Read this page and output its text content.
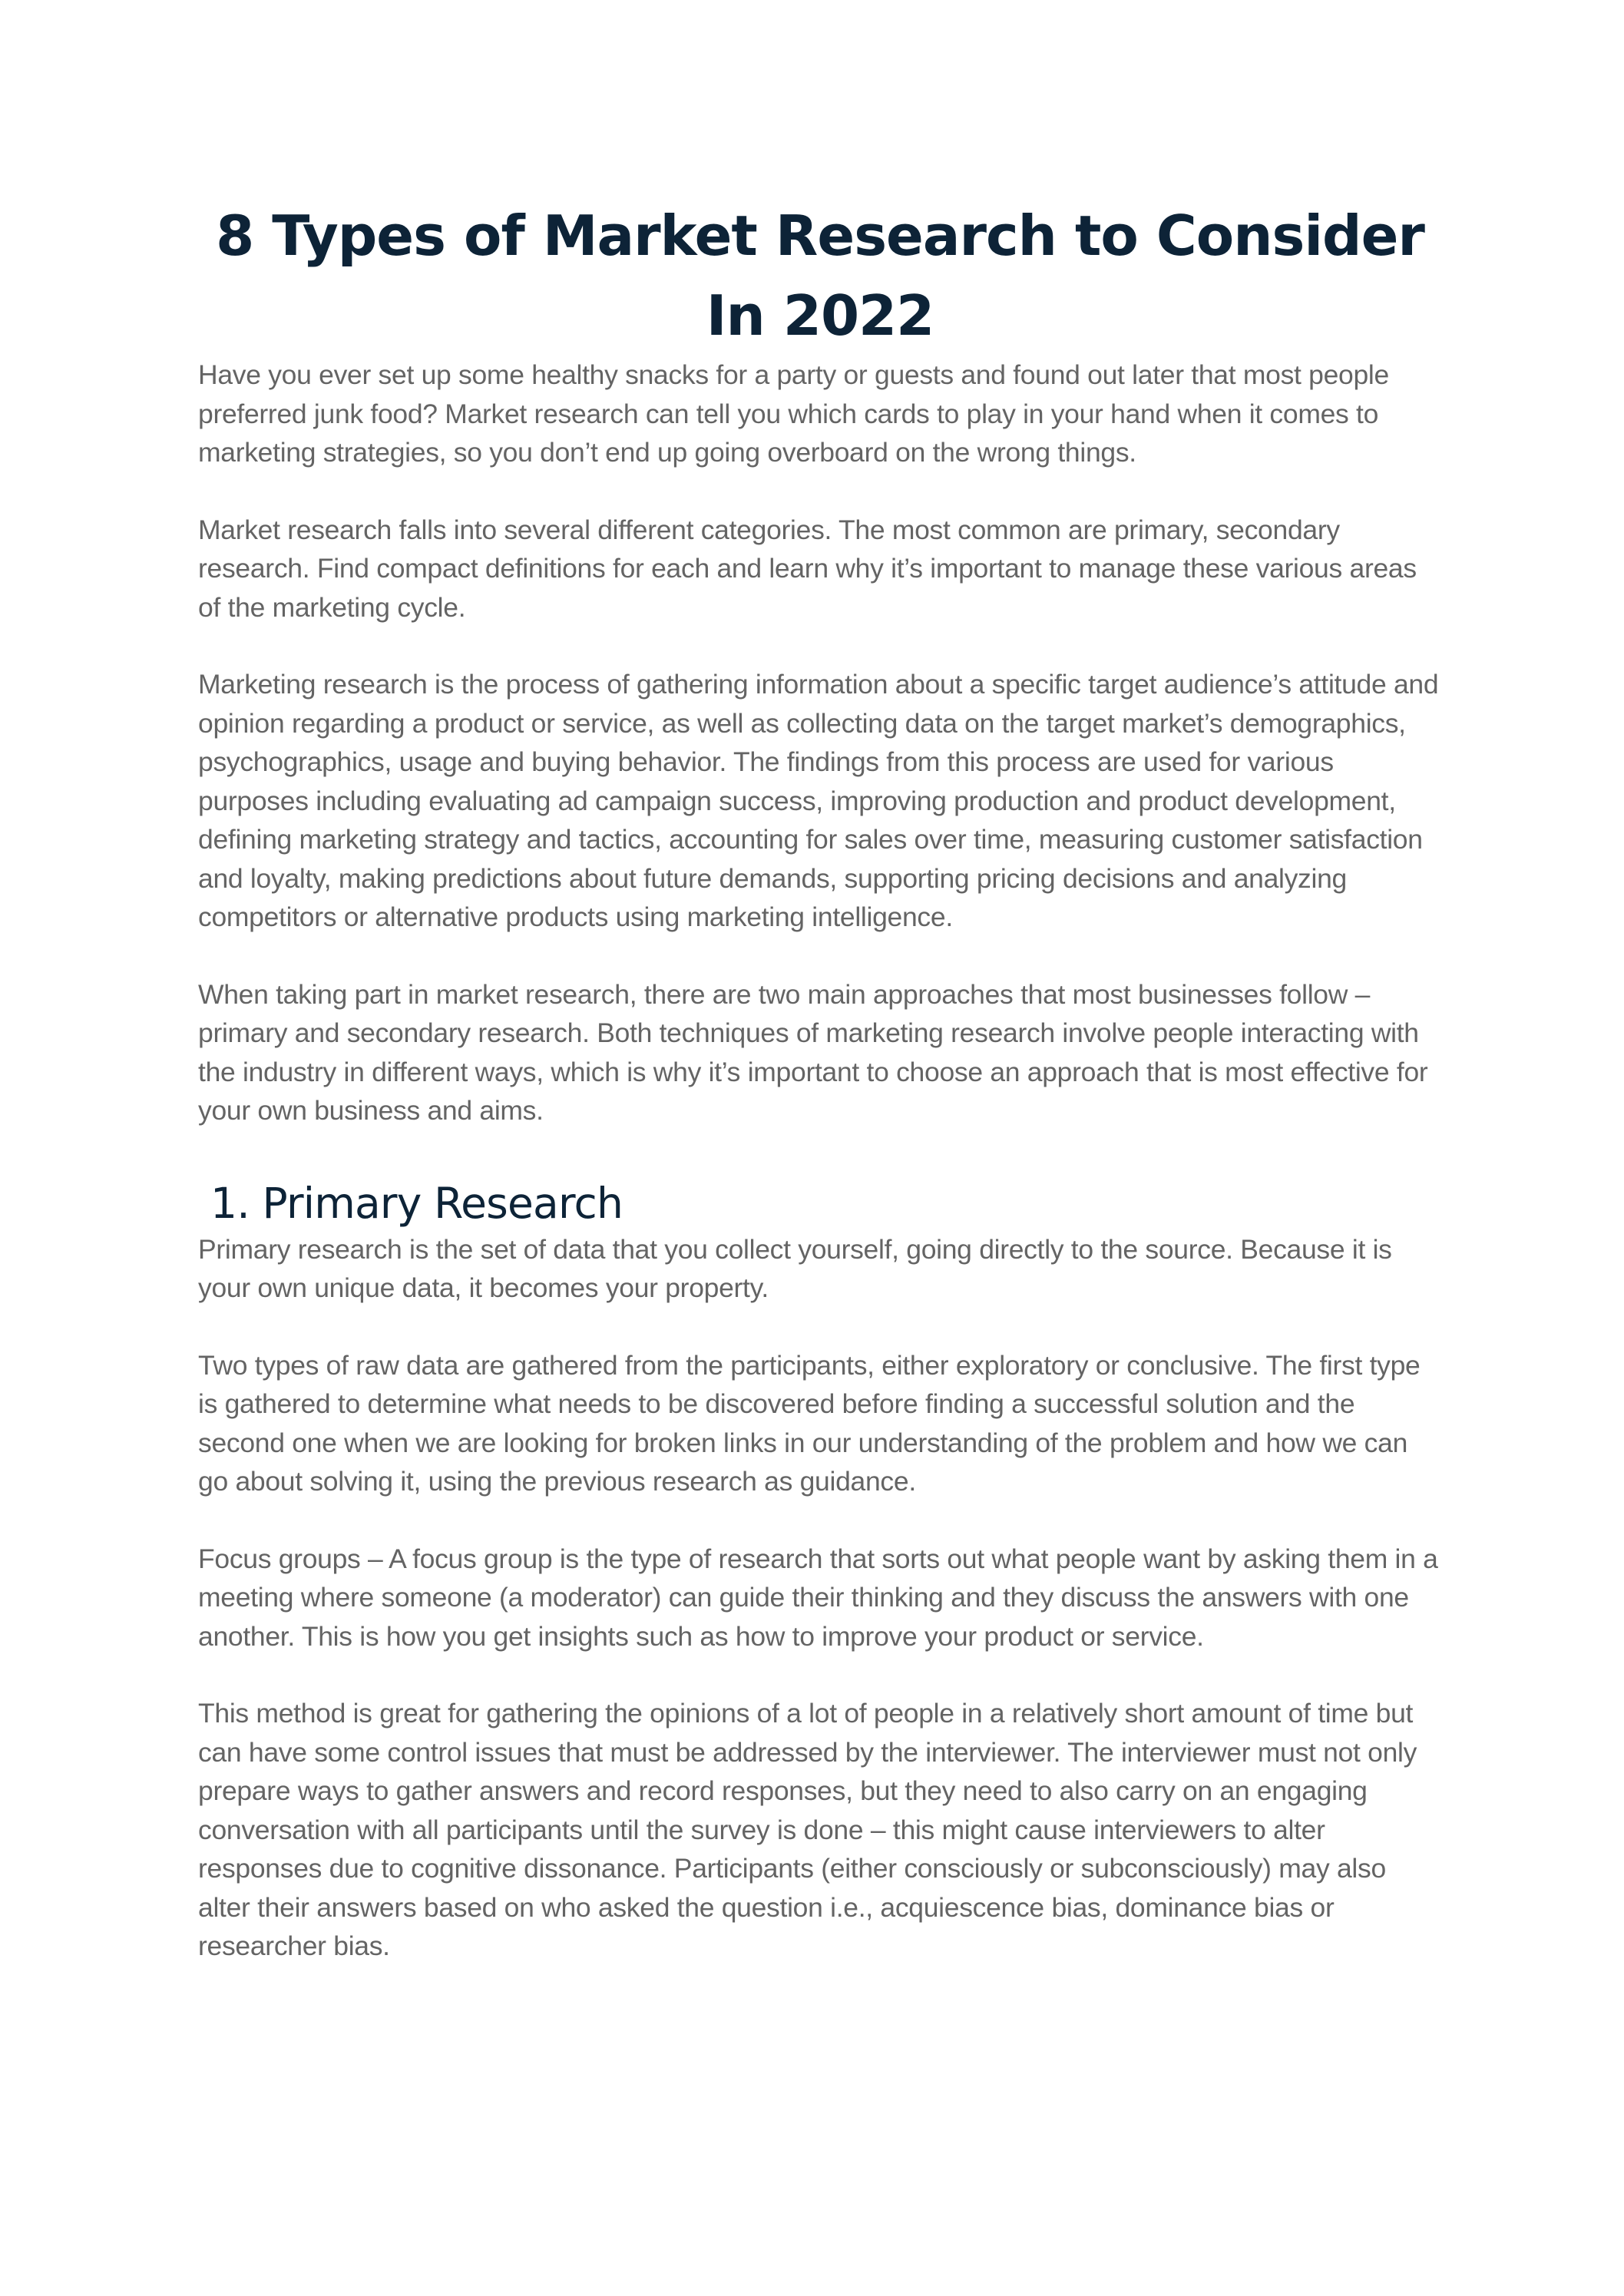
8 Types of Market Research to Consider In 2022

Have you ever set up some healthy snacks for a party or guests and found out later that most people preferred junk food? Market research can tell you which cards to play in your hand when it comes to marketing strategies, so you don’t end up going overboard on the wrong things.

Market research falls into several different categories. The most common are primary, secondary research. Find compact definitions for each and learn why it’s important to manage these various areas of the marketing cycle.

Marketing research is the process of gathering information about a specific target audience’s attitude and opinion regarding a product or service, as well as collecting data on the target market’s demographics, psychographics, usage and buying behavior. The findings from this process are used for various purposes including evaluating ad campaign success, improving production and product development, defining marketing strategy and tactics, accounting for sales over time, measuring customer satisfaction and loyalty, making predictions about future demands, supporting pricing decisions and analyzing competitors or alternative products using marketing intelligence.

When taking part in market research, there are two main approaches that most businesses follow – primary and secondary research. Both techniques of marketing research involve people interacting with the industry in different ways, which is why it’s important to choose an approach that is most effective for your own business and aims.

1. Primary Research

Primary research is the set of data that you collect yourself, going directly to the source. Because it is your own unique data, it becomes your property.

Two types of raw data are gathered from the participants, either exploratory or conclusive. The first type is gathered to determine what needs to be discovered before finding a successful solution and the second one when we are looking for broken links in our understanding of the problem and how we can go about solving it, using the previous research as guidance.

Focus groups – A focus group is the type of research that sorts out what people want by asking them in a meeting where someone (a moderator) can guide their thinking and they discuss the answers with one another. This is how you get insights such as how to improve your product or service.

This method is great for gathering the opinions of a lot of people in a relatively short amount of time but can have some control issues that must be addressed by the interviewer. The interviewer must not only prepare ways to gather answers and record responses, but they need to also carry on an engaging conversation with all participants until the survey is done – this might cause interviewers to alter responses due to cognitive dissonance. Participants (either consciously or subconsciously) may also alter their answers based on who asked the question i.e., acquiescence bias, dominance bias or researcher bias.
